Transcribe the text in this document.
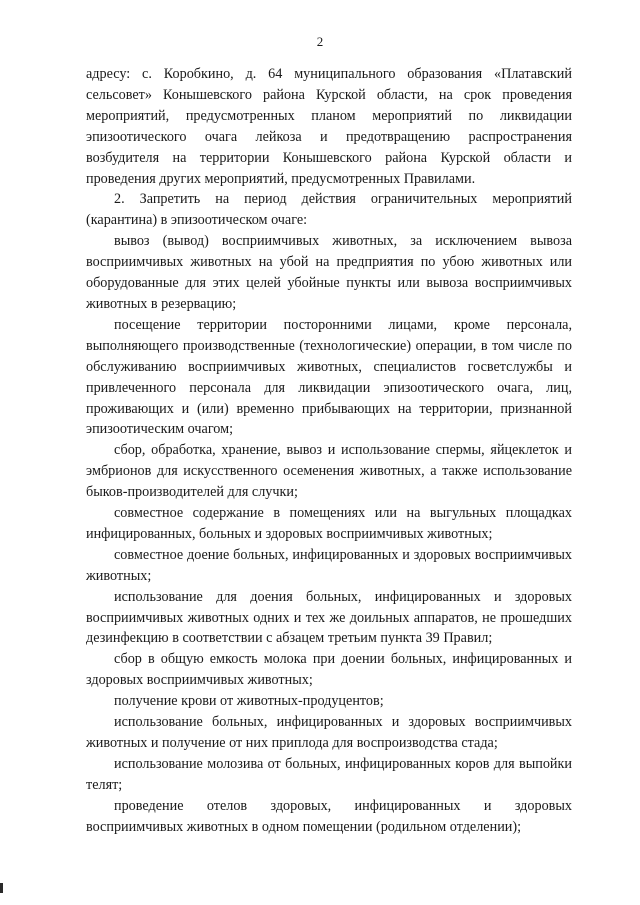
2

адресу: с. Коробкино, д. 64 муниципального образования «Платавский сельсовет» Конышевского района Курской области, на срок проведения мероприятий, предусмотренных планом мероприятий по ликвидации эпизоотического очага лейкоза и предотвращению распространения возбудителя на территории Конышевского района Курской области и проведения других мероприятий, предусмотренных Правилами.

2. Запретить на период действия ограничительных мероприятий (карантина) в эпизоотическом очаге:

вывоз (вывод) восприимчивых животных, за исключением вывоза восприимчивых животных на убой на предприятия по убою животных или оборудованные для этих целей убойные пункты или вывоза восприимчивых животных в резервацию;

посещение территории посторонними лицами, кроме персонала, выполняющего производственные (технологические) операции, в том числе по обслуживанию восприимчивых животных, специалистов госветслужбы и привлеченного персонала для ликвидации эпизоотического очага, лиц, проживающих и (или) временно прибывающих на территории, признанной эпизоотическим очагом;

сбор, обработка, хранение, вывоз и использование спермы, яйцеклеток и эмбрионов для искусственного осеменения животных, а также использование быков-производителей для случки;

совместное содержание в помещениях или на выгульных площадках инфицированных, больных и здоровых восприимчивых животных;

совместное доение больных, инфицированных и здоровых восприимчивых животных;

использование для доения больных, инфицированных и здоровых восприимчивых животных одних и тех же доильных аппаратов, не прошедших дезинфекцию в соответствии с абзацем третьим пункта 39 Правил;

сбор в общую емкость молока при доении больных, инфицированных и здоровых восприимчивых животных;

получение крови от животных-продуцентов;

использование больных, инфицированных и здоровых восприимчивых животных и получение от них приплода для воспроизводства стада;

использование молозива от больных, инфицированных коров для выпойки телят;

проведение отелов здоровых, инфицированных и здоровых восприимчивых животных в одном помещении (родильном отделении);
